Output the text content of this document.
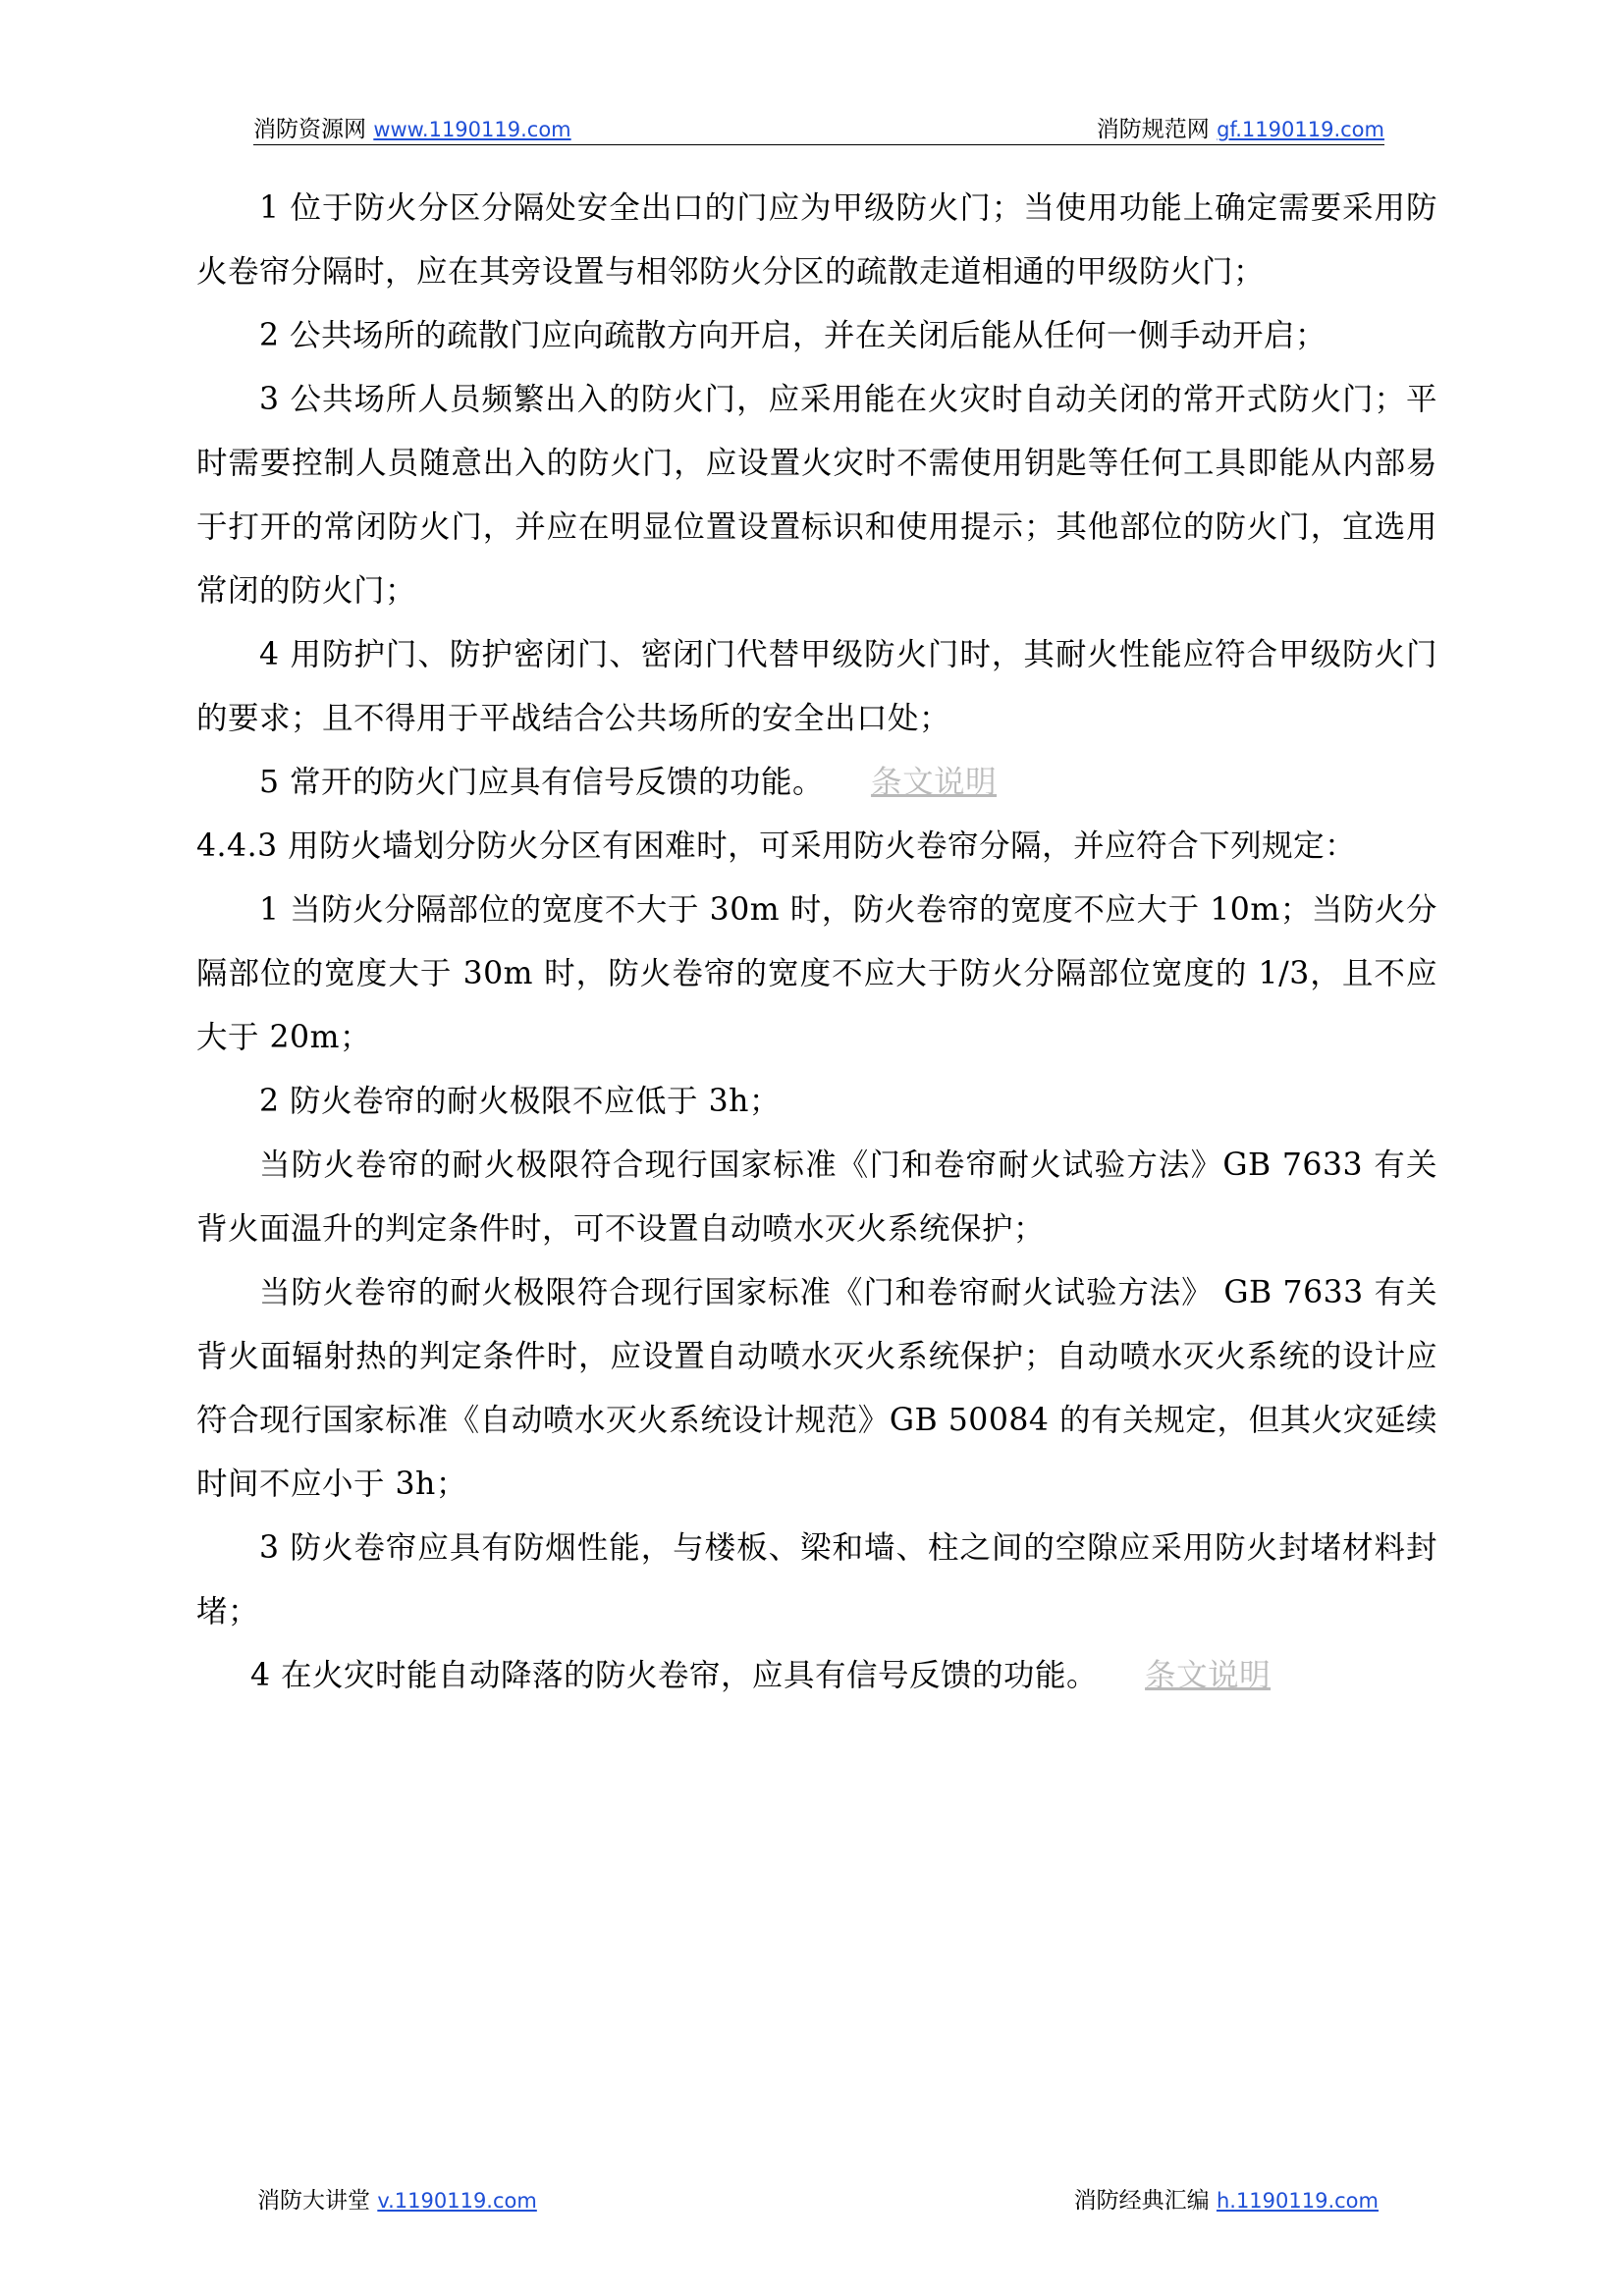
消防资源网 www.1190119.com	消防规范网 gf.1190119.com

1 位于防火分区分隔处安全出口的门应为甲级防火门；当使用功能上确定需要采用防火卷帘分隔时，应在其旁设置与相邻防火分区的疏散走道相通的甲级防火门；

2 公共场所的疏散门应向疏散方向开启，并在关闭后能从任何一侧手动开启；

3 公共场所人员频繁出入的防火门，应采用能在火灾时自动关闭的常开式防火门；平时需要控制人员随意出入的防火门，应设置火灾时不需使用钥匙等任何工具即能从内部易于打开的常闭防火门，并应在明显位置设置标识和使用提示；其他部位的防火门，宜选用常闭的防火门；

4 用防护门、防护密闭门、密闭门代替甲级防火门时，其耐火性能应符合甲级防火门的要求；且不得用于平战结合公共场所的安全出口处；

5 常开的防火门应具有信号反馈的功能。 条文说明

4.4.3 用防火墙划分防火分区有困难时，可采用防火卷帘分隔，并应符合下列规定：

1 当防火分隔部位的宽度不大于 30m 时，防火卷帘的宽度不应大于 10m；当防火分隔部位的宽度大于 30m 时，防火卷帘的宽度不应大于防火分隔部位宽度的 1/3，且不应大于 20m；

2 防火卷帘的耐火极限不应低于 3h；

当防火卷帘的耐火极限符合现行国家标准《门和卷帘耐火试验方法》GB 7633 有关背火面温升的判定条件时，可不设置自动喷水灭火系统保护；

当防火卷帘的耐火极限符合现行国家标准《门和卷帘耐火试验方法》 GB 7633 有关背火面辐射热的判定条件时，应设置自动喷水灭火系统保护；自动喷水灭火系统的设计应符合现行国家标准《自动喷水灭火系统设计规范》GB 50084 的有关规定，但其火灾延续时间不应小于 3h；

3 防火卷帘应具有防烟性能，与楼板、梁和墙、柱之间的空隙应采用防火封堵材料封堵；

4 在火灾时能自动降落的防火卷帘，应具有信号反馈的功能。 条文说明

消防大讲堂 v.1190119.com	消防经典汇编 h.1190119.com
